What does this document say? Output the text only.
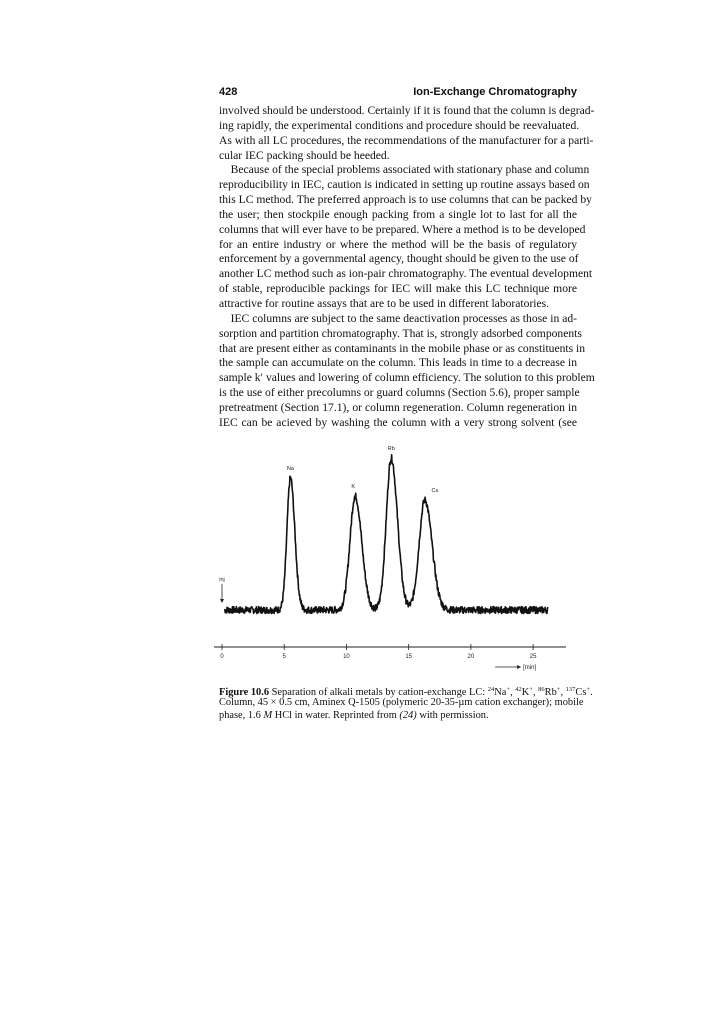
428	Ion-Exchange Chromatography
involved should be understood. Certainly if it is found that the column is degrad-
ing rapidly, the experimental conditions and procedure should be reevaluated.
As with all LC procedures, the recommendations of the manufacturer for a parti-
cular IEC packing should be heeded.
 Because of the special problems associated with stationary phase and column
reproducibility in IEC, caution is indicated in setting up routine assays based on
this LC method. The preferred approach is to use columns that can be packed by
the user; then stockpile enough packing from a single lot to last for all the
columns that will ever have to be prepared. Where a method is to be developed
for an entire industry or where the method will be the basis of regulatory
enforcement by a governmental agency, thought should be given to the use of
another LC method such as ion-pair chromatography. The eventual development
of stable, reproducible packings for IEC will make this LC technique more
attractive for routine assays that are to be used in different laboratories.
 IEC columns are subject to the same deactivation processes as those in ad-
sorption and partition chromatography. That is, strongly adsorbed components
that are present either as contaminants in the mobile phase or as constituents in
the sample can accumulate on the column. This leads in time to a decrease in
sample k′ values and lowering of column efficiency. The solution to this problem
is the use of either precolumns or guard columns (Section 5.6), proper sample
pretreatment (Section 17.1), or column regeneration. Column regeneration in
IEC can be acieved by washing the column with a very strong solvent (see
0	5	10	15	20	25
[min]
inj
Na
K
Rb
Cs
Figure 10.6 Separation of alkali metals by cation-exchange LC: $^{24}$Na+, $^{42}$K+, $^{86}$Rb+, $^{137}$Cs+.
Column, 45 × 0.5 cm, Aminex Q-1505 (polymeric 20-35-µm cation exchanger); mobile
phase, 1.6 M HCl in water. Reprinted from (24) with permission.
